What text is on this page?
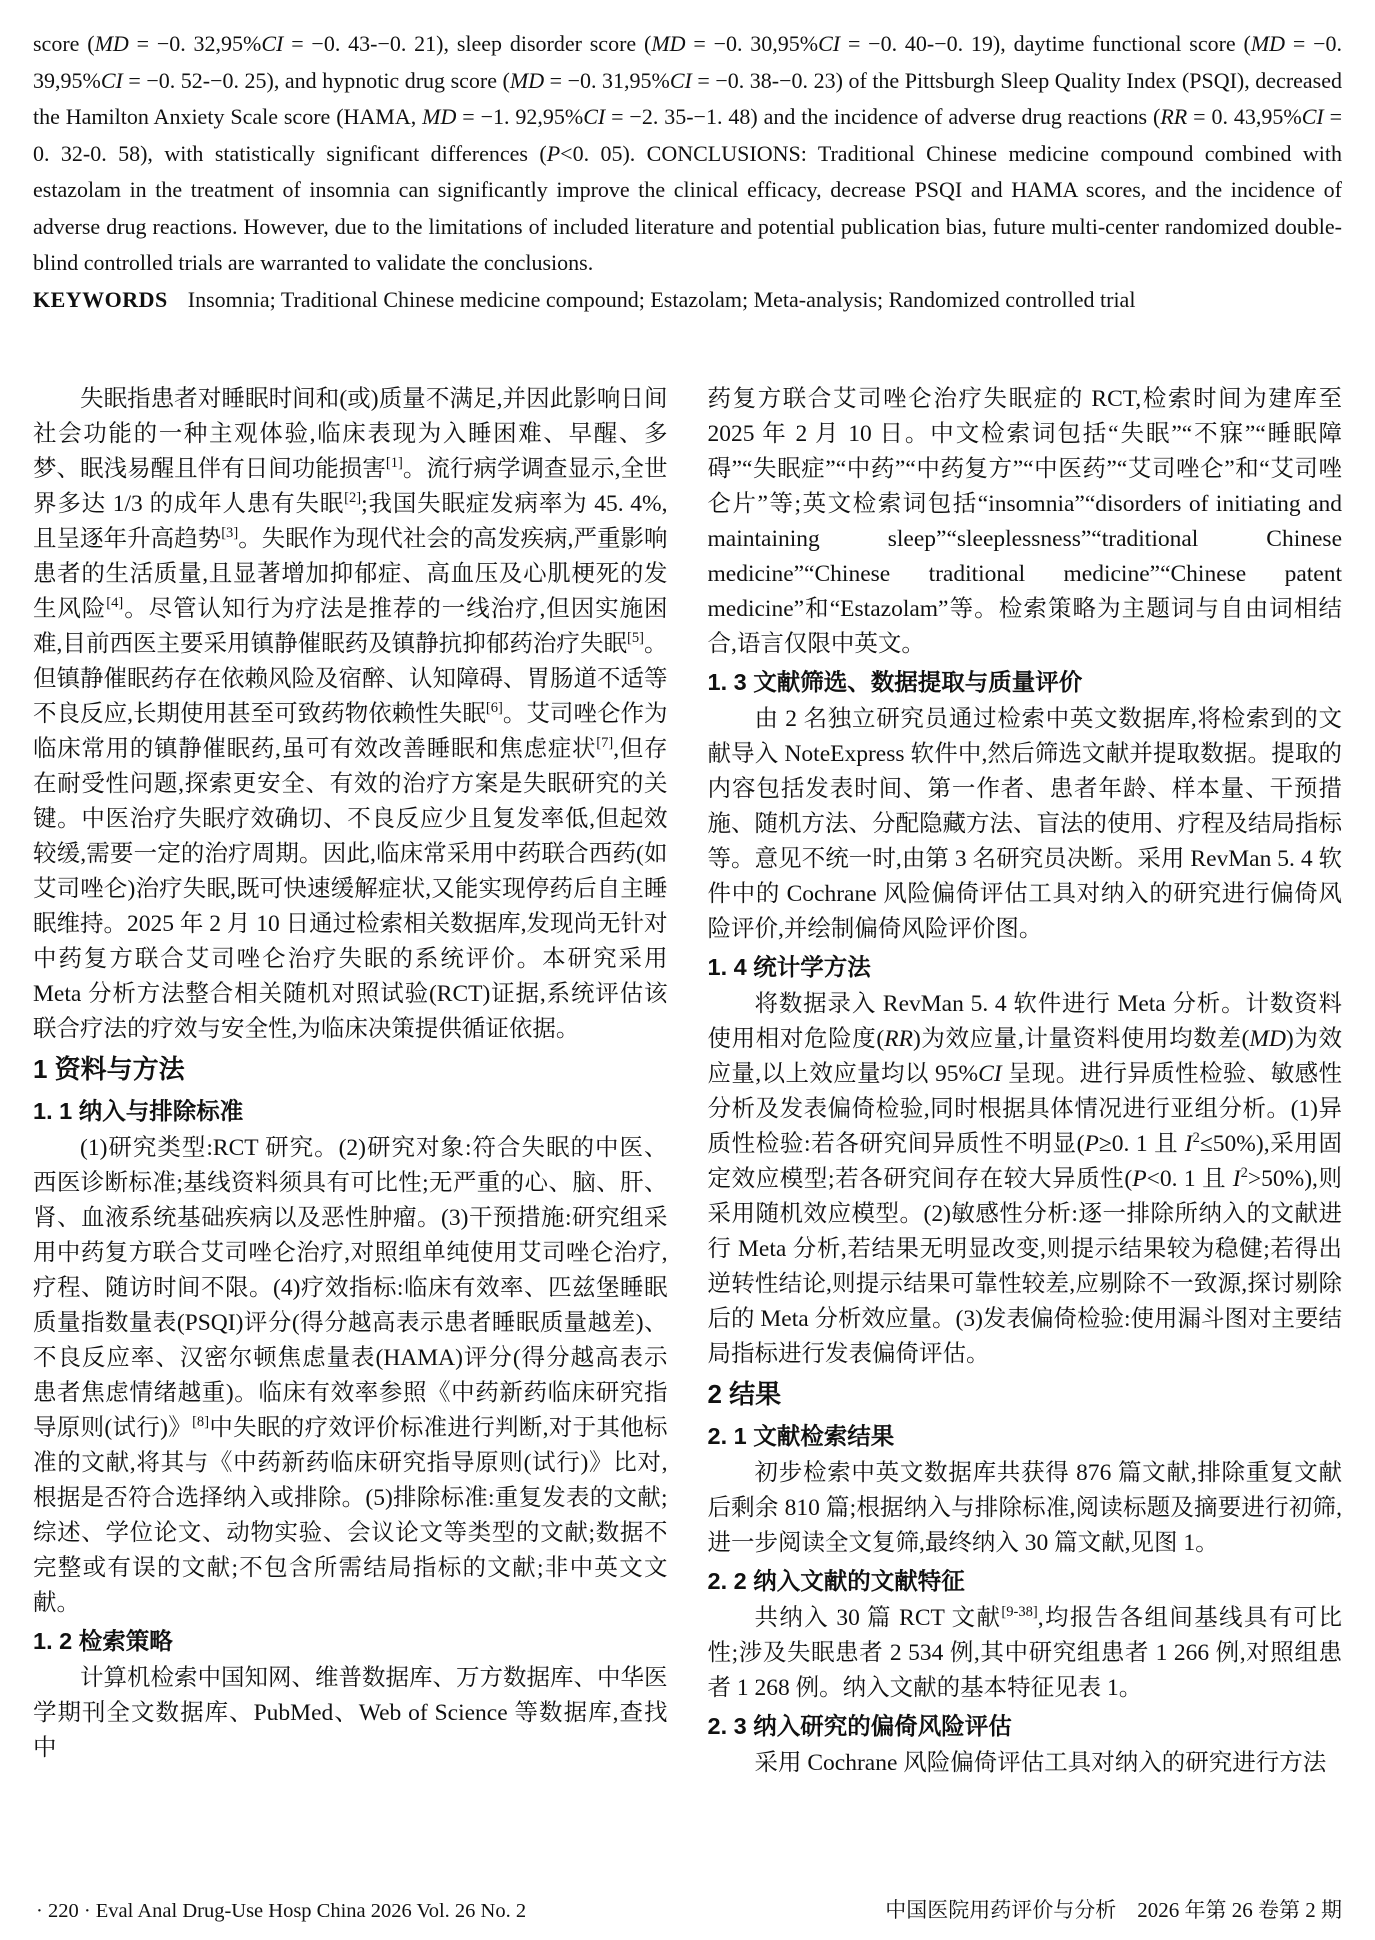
score (MD = −0. 32,95%CI = −0. 43-−0. 21), sleep disorder score (MD = −0. 30,95%CI = −0. 40-−0. 19), daytime functional score (MD = −0. 39,95%CI = −0. 52-−0. 25), and hypnotic drug score (MD = −0. 31,95%CI = −0. 38-−0. 23) of the Pittsburgh Sleep Quality Index (PSQI), decreased the Hamilton Anxiety Scale score (HAMA, MD = −1. 92,95%CI = −2. 35-−1. 48) and the incidence of adverse drug reactions (RR = 0. 43,95%CI = 0. 32-0. 58), with statistically significant differences (P<0. 05). CONCLUSIONS: Traditional Chinese medicine compound combined with estazolam in the treatment of insomnia can significantly improve the clinical efficacy, decrease PSQI and HAMA scores, and the incidence of adverse drug reactions. However, due to the limitations of included literature and potential publication bias, future multi-center randomized double-blind controlled trials are warranted to validate the conclusions.
KEYWORDS Insomnia; Traditional Chinese medicine compound; Estazolam; Meta-analysis; Randomized controlled trial
失眠指患者对睡眠时间和(或)质量不满足,并因此影响日间社会功能的一种主观体验,临床表现为入睡困难、早醒、多梦、眠浅易醒且伴有日间功能损害[1]。流行病学调查显示,全世界多达 1/3 的成年人患有失眠[2];我国失眠症发病率为 45. 4%,且呈逐年升高趋势[3]。失眠作为现代社会的高发疾病,严重影响患者的生活质量,且显著增加抑郁症、高血压及心肌梗死的发生风险[4]。尽管认知行为疗法是推荐的一线治疗,但因实施困难,目前西医主要采用镇静催眠药及镇静抗抑郁药治疗失眠[5]。但镇静催眠药存在依赖风险及宿醉、认知障碍、胃肠道不适等不良反应,长期使用甚至可致药物依赖性失眠[6]。艾司唑仑作为临床常用的镇静催眠药,虽可有效改善睡眠和焦虑症状[7],但存在耐受性问题,探索更安全、有效的治疗方案是失眠研究的关键。中医治疗失眠疗效确切、不良反应少且复发率低,但起效较缓,需要一定的治疗周期。因此,临床常采用中药联合西药(如艾司唑仑)治疗失眠,既可快速缓解症状,又能实现停药后自主睡眠维持。2025 年 2 月 10 日通过检索相关数据库,发现尚无针对中药复方联合艾司唑仑治疗失眠的系统评价。本研究采用 Meta 分析方法整合相关随机对照试验(RCT)证据,系统评估该联合疗法的疗效与安全性,为临床决策提供循证依据。
1 资料与方法
1. 1 纳入与排除标准
(1)研究类型:RCT 研究。(2)研究对象:符合失眠的中医、西医诊断标准;基线资料须具有可比性;无严重的心、脑、肝、肾、血液系统基础疾病以及恶性肿瘤。(3)干预措施:研究组采用中药复方联合艾司唑仑治疗,对照组单纯使用艾司唑仑治疗,疗程、随访时间不限。(4)疗效指标:临床有效率、匹兹堡睡眠质量指数量表(PSQI)评分(得分越高表示患者睡眠质量越差)、不良反应率、汉密尔顿焦虑量表(HAMA)评分(得分越高表示患者焦虑情绪越重)。临床有效率参照《中药新药临床研究指导原则(试行)》[8]中失眠的疗效评价标准进行判断,对于其他标准的文献,将其与《中药新药临床研究指导原则(试行)》比对,根据是否符合选择纳入或排除。(5)排除标准:重复发表的文献;综述、学位论文、动物实验、会议论文等类型的文献;数据不完整或有误的文献;不包含所需结局指标的文献;非中英文文献。
1. 2 检索策略
计算机检索中国知网、维普数据库、万方数据库、中华医学期刊全文数据库、PubMed、Web of Science 等数据库,查找中
药复方联合艾司唑仑治疗失眠症的 RCT,检索时间为建库至 2025 年 2 月 10 日。中文检索词包括“失眠”“不寐”“睡眠障碍”“失眠症”“中药”“中药复方”“中医药”“艾司唑仑”和“艾司唑仑片”等;英文检索词包括“insomnia”“disorders of initiating and maintaining sleep”“sleeplessness”“traditional Chinese medicine”“Chinese traditional medicine”“Chinese patent medicine”和“Estazolam”等。检索策略为主题词与自由词相结合,语言仅限中英文。
1. 3 文献筛选、数据提取与质量评价
由 2 名独立研究员通过检索中英文数据库,将检索到的文献导入 NoteExpress 软件中,然后筛选文献并提取数据。提取的内容包括发表时间、第一作者、患者年龄、样本量、干预措施、随机方法、分配隐藏方法、盲法的使用、疗程及结局指标等。意见不统一时,由第 3 名研究员决断。采用 RevMan 5. 4 软件中的 Cochrane 风险偏倚评估工具对纳入的研究进行偏倚风险评价,并绘制偏倚风险评价图。
1. 4 统计学方法
将数据录入 RevMan 5. 4 软件进行 Meta 分析。计数资料使用相对危险度(RR)为效应量,计量资料使用均数差(MD)为效应量,以上效应量均以 95%CI 呈现。进行异质性检验、敏感性分析及发表偏倚检验,同时根据具体情况进行亚组分析。(1)异质性检验:若各研究间异质性不明显(P≥0. 1 且 $I^2\le 50\%$),采用固定效应模型;若各研究间存在较大异质性(P<0. 1 且 $I^2>50\%$),则采用随机效应模型。(2)敏感性分析:逐一排除所纳入的文献进行 Meta 分析,若结果无明显改变,则提示结果较为稳健;若得出逆转性结论,则提示结果可靠性较差,应剔除不一致源,探讨剔除后的 Meta 分析效应量。(3)发表偏倚检验:使用漏斗图对主要结局指标进行发表偏倚评估。
2 结果
2. 1 文献检索结果
初步检索中英文数据库共获得 876 篇文献,排除重复文献后剩余 810 篇;根据纳入与排除标准,阅读标题及摘要进行初筛,进一步阅读全文复筛,最终纳入 30 篇文献,见图 1。
2. 2 纳入文献的文献特征
共纳入 30 篇 RCT 文献[9-38],均报告各组间基线具有可比性;涉及失眠患者 2 534 例,其中研究组患者 1 266 例,对照组患者 1 268 例。纳入文献的基本特征见表 1。
2. 3 纳入研究的偏倚风险评估
采用 Cochrane 风险偏倚评估工具对纳入的研究进行方法
· 220 · Eval Anal Drug-Use Hosp China 2026 Vol. 26 No. 2	中国医院用药评价与分析　2026 年第 26 卷第 2 期
